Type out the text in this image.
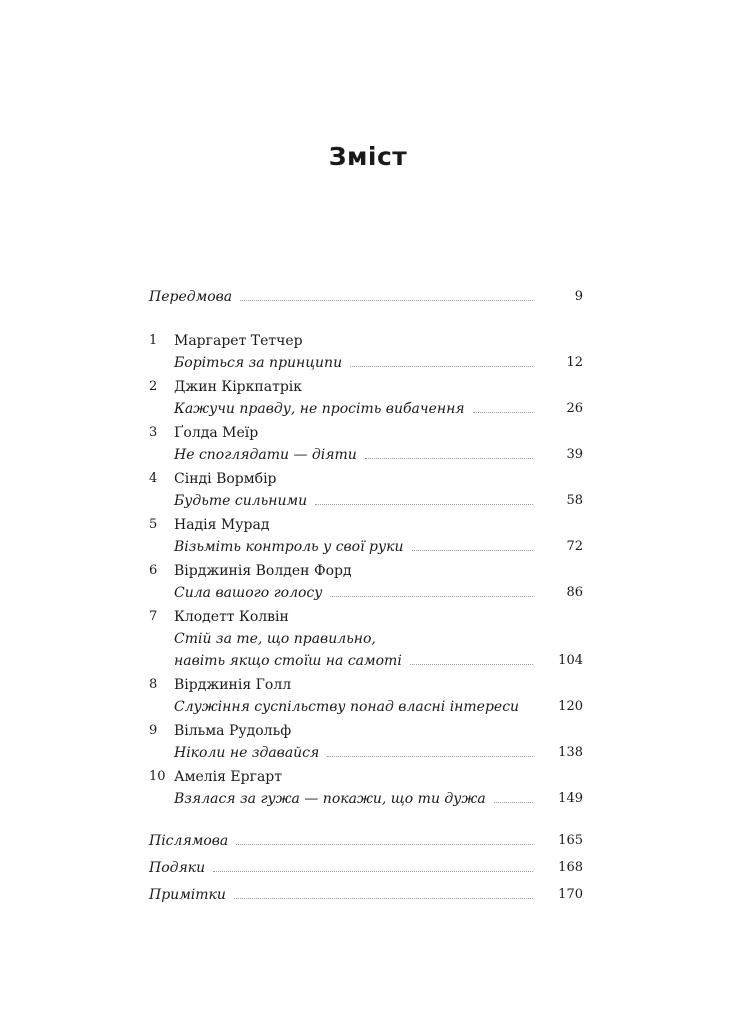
Зміст
Передмова	9
1 Маргарет Тетчер
Боріться за принципи	12
2 Джин Кіркпатрік
Кажучи правду, не просіть вибачення	26
3 Ґолда Меїр
Не споглядати — діяти	39
4 Сінді Вормбір
Будьте сильними	58
5 Надія Мурад
Візьміть контроль у свої руки	72
6 Вірджинія Волден Форд
Сила вашого голосу	86
7 Клодетт Колвін
Стій за те, що правильно,
навіть якщо стоїш на самоті	104
8 Вірджинія Голл
Служіння суспільству понад власні інтереси	120
9 Вільма Рудольф
Ніколи не здавайся	138
10 Амелія Ергарт
Взялася за гужа — покажи, що ти дужа	149
Післямова	165
Подяки	168
Примітки	170
